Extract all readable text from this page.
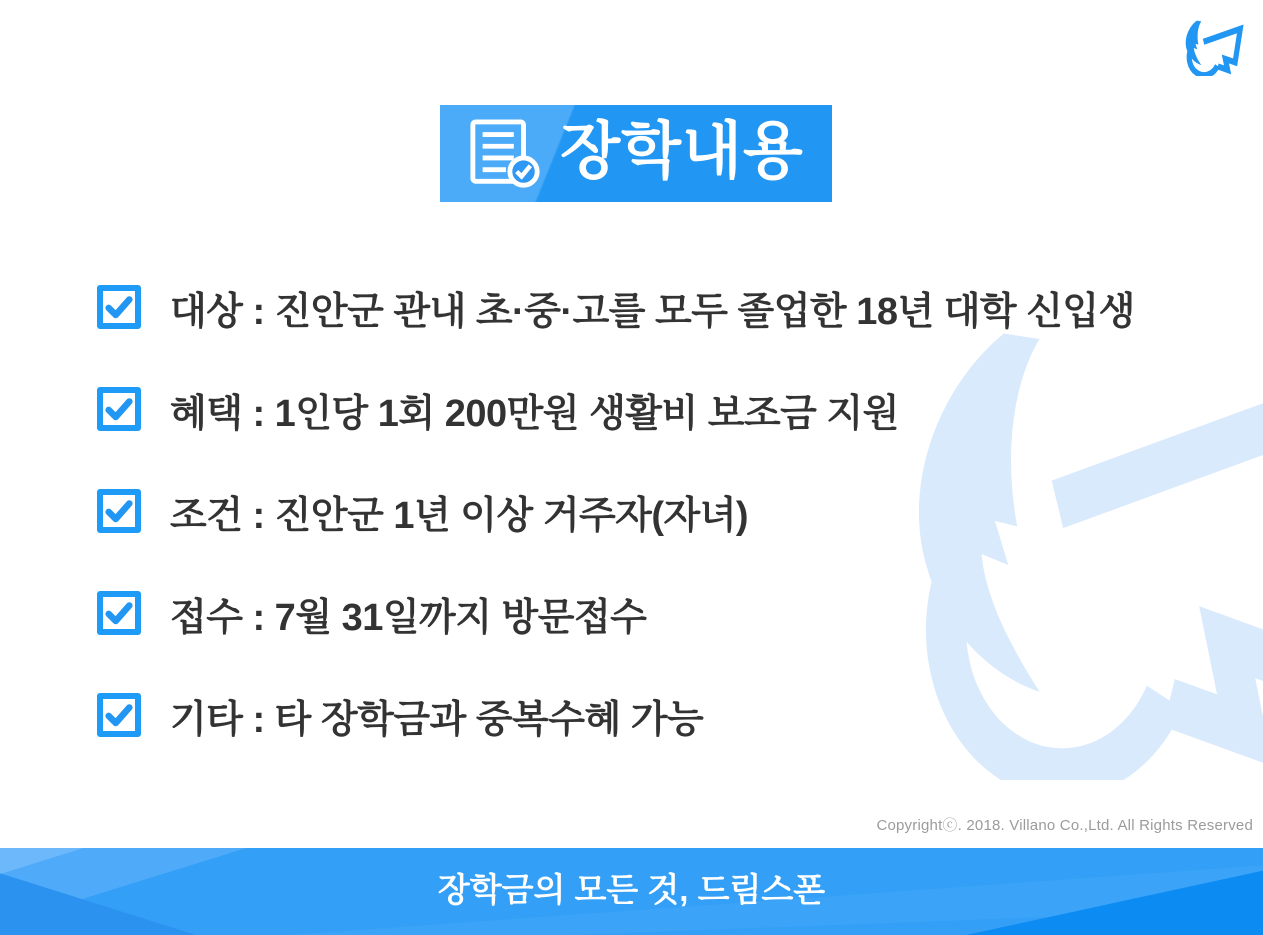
장학내용
대상 : 진안군 관내 초·중·고를 모두 졸업한 18년 대학 신입생
혜택 : 1인당 1회 200만원 생활비 보조금 지원
조건 : 진안군 1년 이상 거주자(자녀)
접수 : 7월 31일까지 방문접수
기타 : 타 장학금과 중복수혜 가능
Copyrightⓒ. 2018. Villano Co.,Ltd. All Rights Reserved
장학금의 모든 것, 드림스폰
